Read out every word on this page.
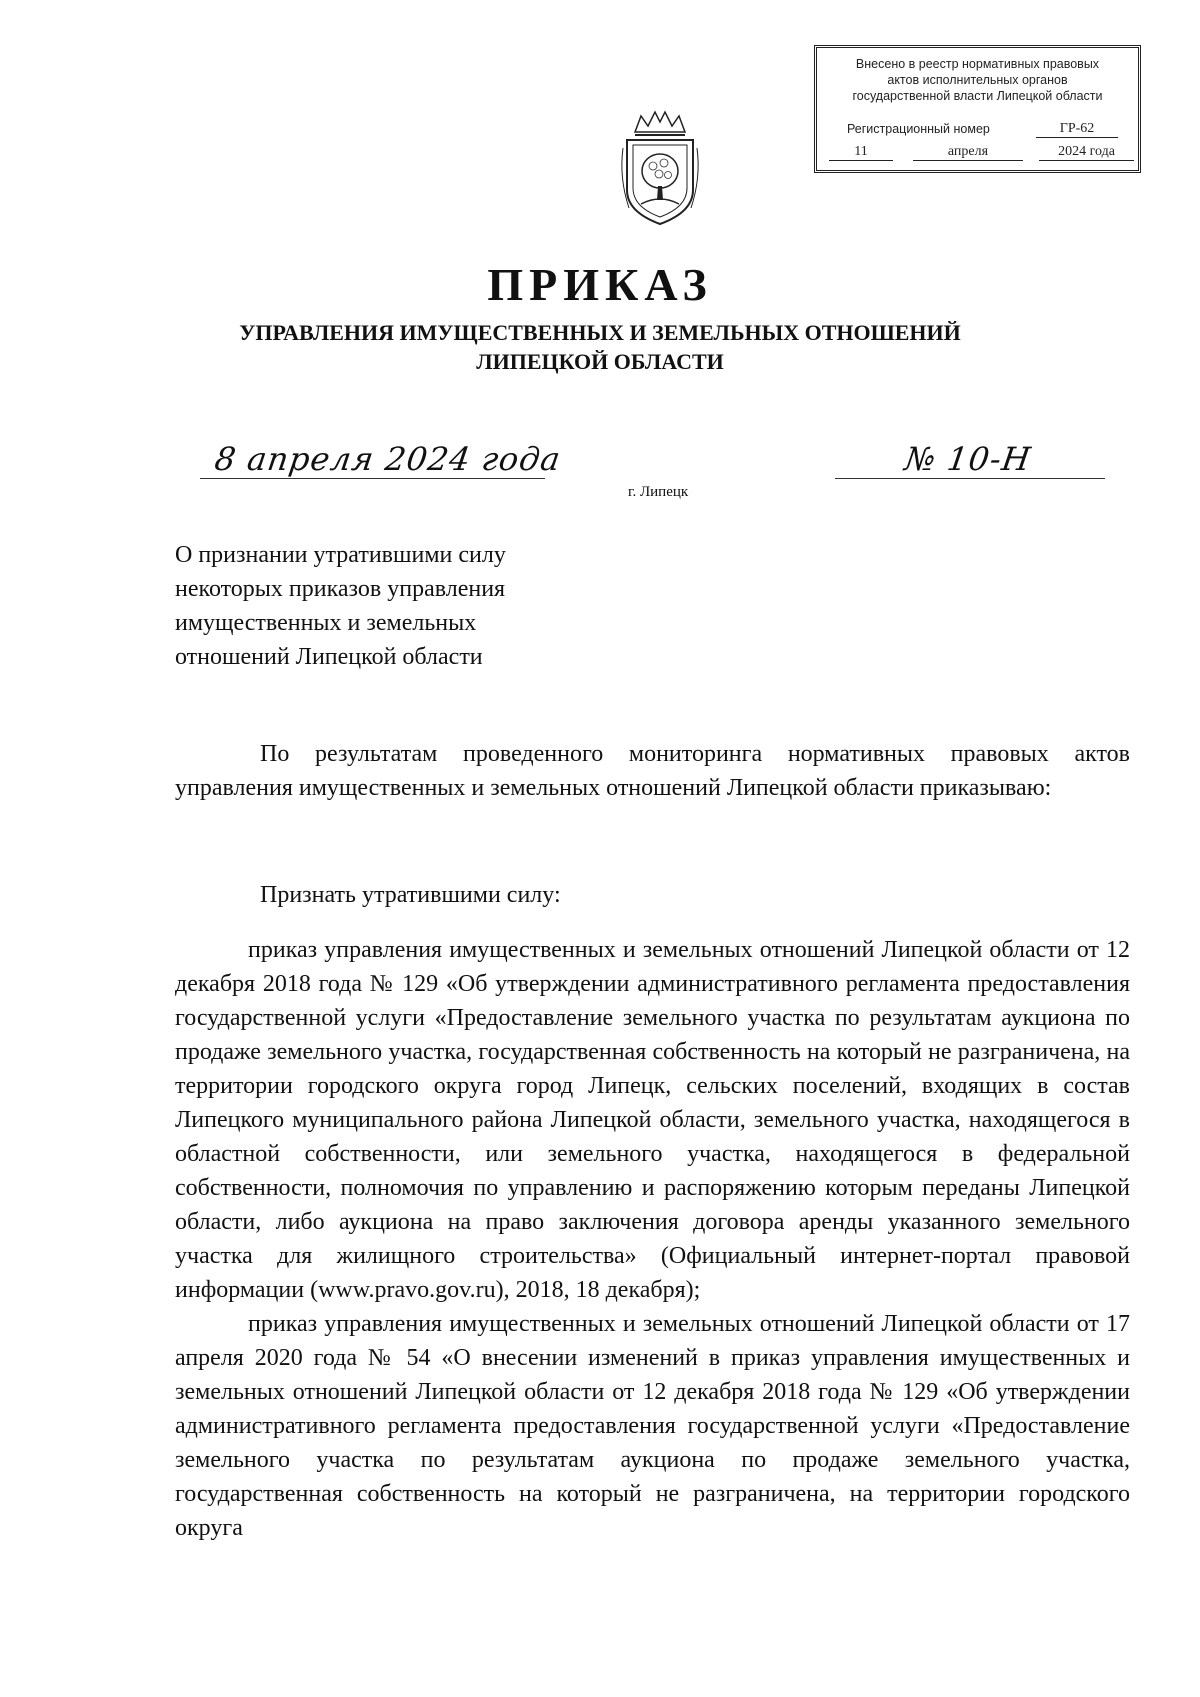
Внесено в реестр нормативных правовых
актов исполнительных органов
государственной власти Липецкой области
Регистрационный номер	ГР-62
11	апреля	2024 года
ПРИКАЗ
УПРАВЛЕНИЯ ИМУЩЕСТВЕННЫХ И ЗЕМЕЛЬНЫХ ОТНОШЕНИЙ
ЛИПЕЦКОЙ ОБЛАСТИ
8 апреля 2024 года	№ 10-Н
г. Липецк
О признании утратившими силу некоторых приказов управления имущественных и земельных отношений Липецкой области

По результатам проведенного мониторинга нормативных правовых актов управления имущественных и земельных отношений Липецкой области приказываю:

Признать утратившими силу:

приказ управления имущественных и земельных отношений Липецкой области от 12 декабря 2018 года № 129 «Об утверждении административного регламента предоставления государственной услуги «Предоставление земельного участка по результатам аукциона по продаже земельного участка, государственная собственность на который не разграничена, на территории городского округа город Липецк, сельских поселений, входящих в состав Липецкого муниципального района Липецкой области, земельного участка, находящегося в областной собственности, или земельного участка, находящегося в федеральной собственности, полномочия по управлению и распоряжению которым переданы Липецкой области, либо аукциона на право заключения договора аренды указанного земельного участка для жилищного строительства» (Официальный интернет-портал правовой информации (www.pravo.gov.ru), 2018, 18 декабря);

приказ управления имущественных и земельных отношений Липецкой области от 17 апреля 2020 года № 54 «О внесении изменений в приказ управления имущественных и земельных отношений Липецкой области от 12 декабря 2018 года № 129 «Об утверждении административного регламента предоставления государственной услуги «Предоставление земельного участка по результатам аукциона по продаже земельного участка, государственная собственность на который не разграничена, на территории городского округа
